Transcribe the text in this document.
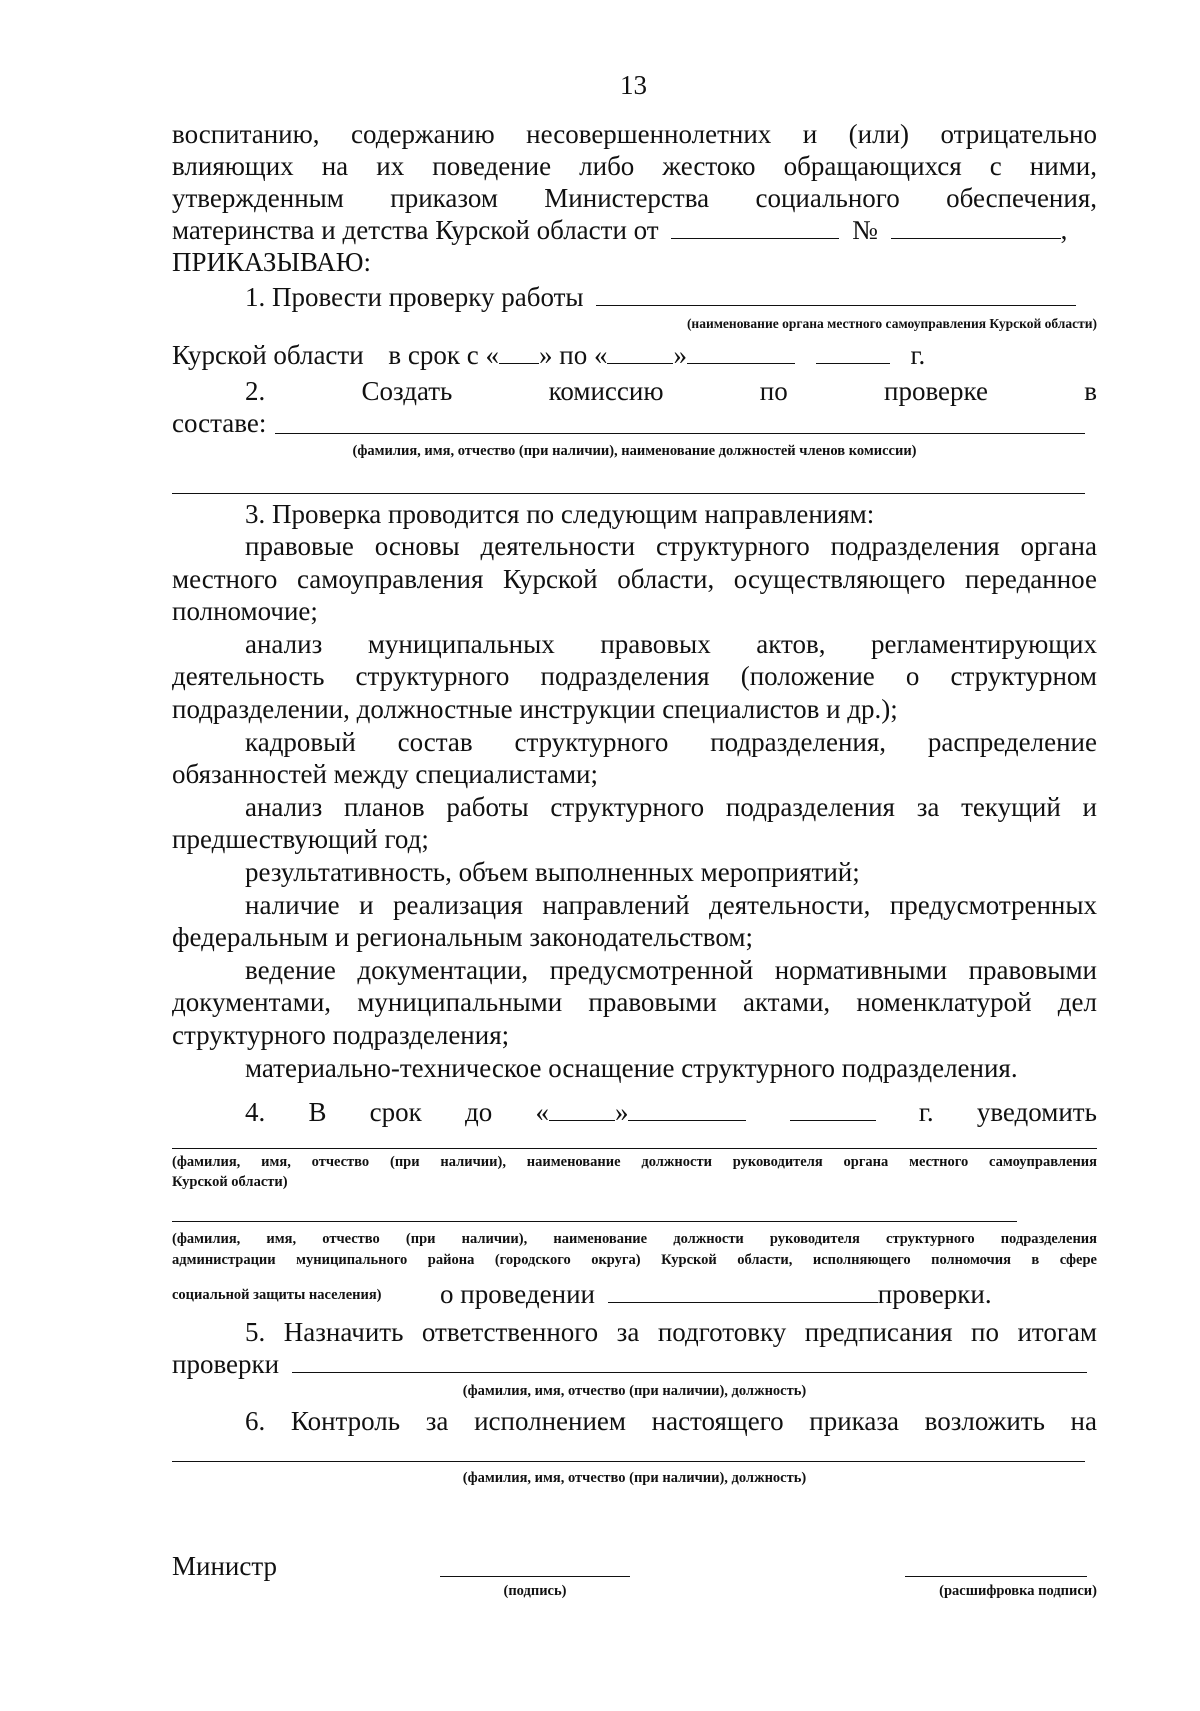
13
воспитанию, содержанию несовершеннолетних и (или) отрицательно
влияющих на их поведение либо жестоко обращающихся с ними,
утвержденным приказом Министерства социального обеспечения,
материнства и детства Курской области от	№	,
ПРИКАЗЫВАЮ:
1. Провести проверку работы
(наименование органа местного самоуправления Курской области)
Курской области в срок с « » по « »	г.
2.	Создать	комиссию	по	проверке	в
составе:
(фамилия, имя, отчество (при наличии), наименование должностей членов комиссии)
3. Проверка проводится по следующим направлениям:
правовые основы деятельности структурного подразделения органа
местного самоуправления Курской области, осуществляющего переданное
полномочие;
анализ муниципальных правовых актов, регламентирующих
деятельность структурного подразделения (положение о структурном
подразделении, должностные инструкции специалистов и др.);
кадровый состав структурного подразделения, распределение
обязанностей между специалистами;
анализ планов работы структурного подразделения за текущий и
предшествующий год;
результативность, объем выполненных мероприятий;
наличие и реализация направлений деятельности, предусмотренных
федеральным и региональным законодательством;
ведение документации, предусмотренной нормативными правовыми
документами, муниципальными правовыми актами, номенклатурой дел
структурного подразделения;
материально-техническое оснащение структурного подразделения.
4. В срок до « »	г. уведомить
(фамилия, имя, отчество (при наличии), наименование должности руководителя органа местного самоуправления
Курской области)
(фамилия, имя, отчество (при наличии), наименование должности руководителя структурного подразделения
администрации муниципального района (городского округа) Курской области, исполняющего полномочия в сфере
социальной защиты населения) о проведении	проверки.
5. Назначить ответственного за подготовку предписания по итогам
проверки
(фамилия, имя, отчество (при наличии), должность)
6. Контроль за исполнением настоящего приказа возложить на
(фамилия, имя, отчество (при наличии), должность)
Министр
(подпись)	(расшифровка подписи)
